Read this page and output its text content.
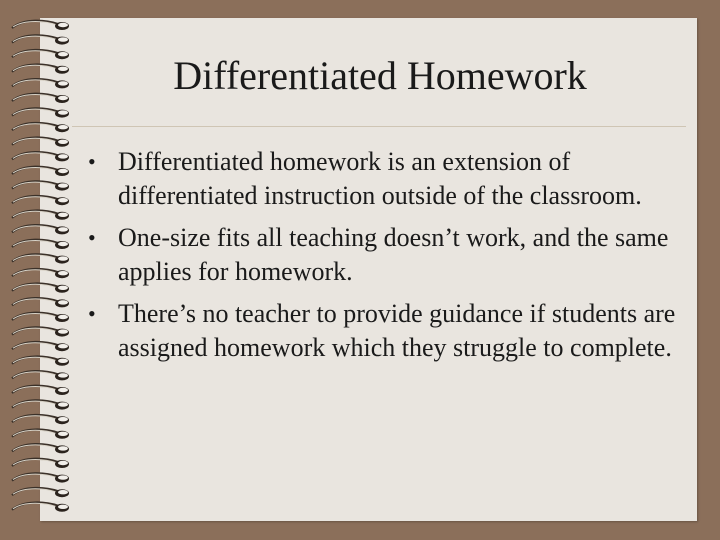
Differentiated Homework
• Differentiated homework is an extension of differentiated instruction outside of the classroom.
• One-size fits all teaching doesn’t work, and the same applies for homework.
• There’s no teacher to provide guidance if students are assigned homework which they struggle to complete.
